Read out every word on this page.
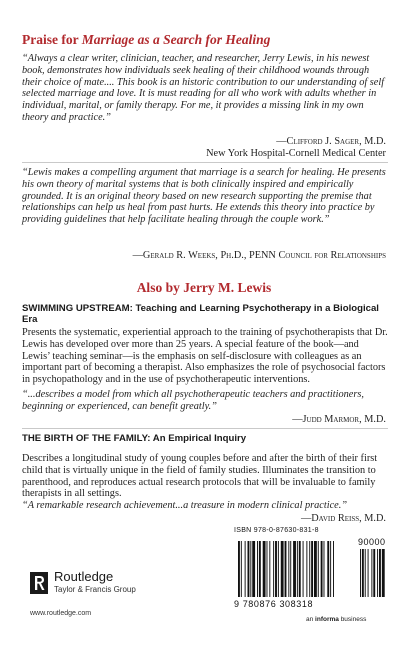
Praise for Marriage as a Search for Healing
“Always a clear writer, clinician, teacher, and researcher, Jerry Lewis, in his newest book, demonstrates how individuals seek healing of their childhood wounds through their choice of mate.... This book is an historic contribution to our understanding of self selected marriage and love. It is must reading for all who work with adults whether in individual, marital, or family therapy. For me, it provides a missing link in my own theory and practice.”
—Clifford J. Sager, M.D.
New York Hospital-Cornell Medical Center
“Lewis makes a compelling argument that marriage is a search for healing. He presents his own theory of marital systems that is both clinically inspired and empirically grounded. It is an original theory based on new research supporting the premise that relationships can help us heal from past hurts. He extends this theory into practice by providing guidelines that help facilitate healing through the couple work.”
—Gerald R. Weeks, Ph.D., PENN Council for Relationships
Also by Jerry M. Lewis
SWIMMING UPSTREAM: Teaching and Learning Psychotherapy in a Biological Era
Presents the systematic, experiential approach to the training of psychotherapists that Dr. Lewis has developed over more than 25 years. A special feature of the book—and Lewis’ teaching seminar—is the emphasis on self-disclosure with colleagues as an important part of becoming a therapist. Also emphasizes the role of psychosocial factors in psychopathology and in the use of psychotherapeutic interventions.
“...describes a model from which all psychotherapeutic teachers and practitioners, beginning or experienced, can benefit greatly.”
—Judd Marmor, M.D.
THE BIRTH OF THE FAMILY: An Empirical Inquiry
Describes a longitudinal study of young couples before and after the birth of their first child that is virtually unique in the field of family studies. Illuminates the transition to parenthood, and reproduces actual research protocols that will be invaluable to family therapists in all settings.
“A remarkable research achievement...a treasure in modern clinical practice.”
—David Reiss, M.D.
Routledge
Taylor & Francis Group
www.routledge.com
ISBN 978-0-87630-831-8
90000
9 780876 308318
an informa business
